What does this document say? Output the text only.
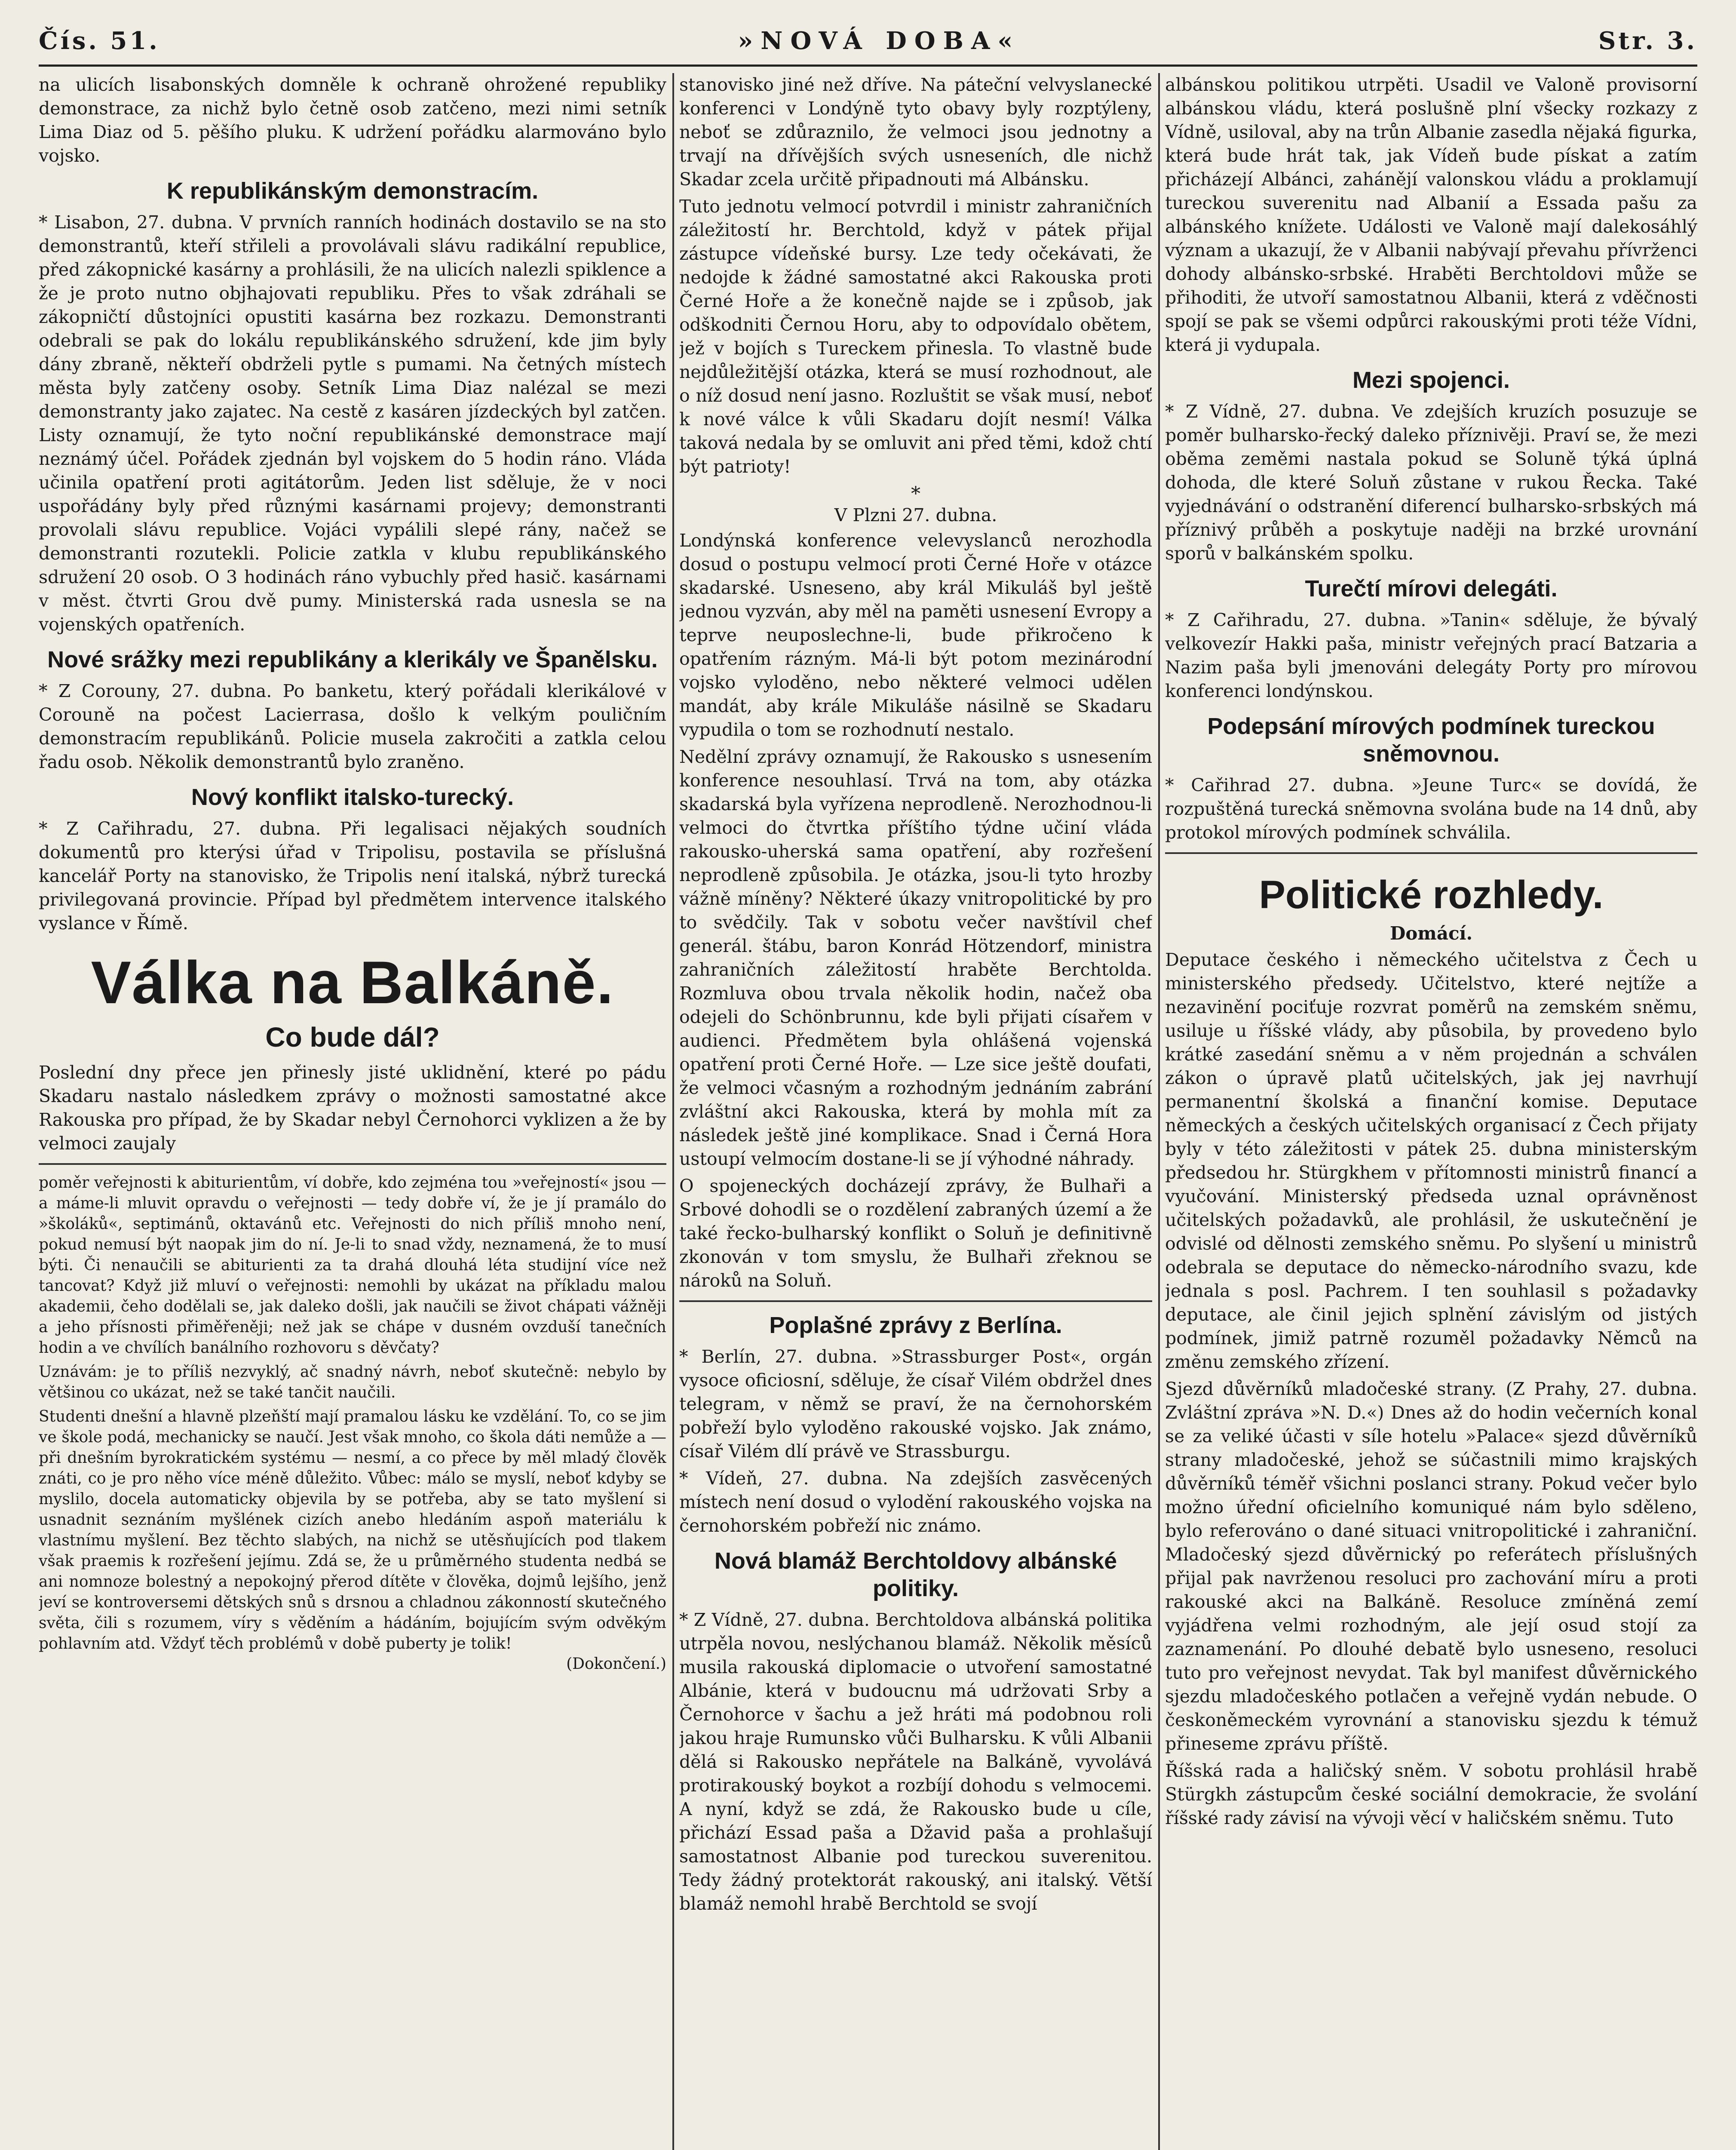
Čís. 51.	»NOVÁ DOBA«	Str. 3.

na ulicích lisabonských domněle k ochraně ohrožené republiky demonstrace, za nichž bylo četně osob zatčeno, mezi nimi setník Lima Diaz od 5. pěšího pluku. K udržení pořádku alarmováno bylo vojsko.

K republikánským demonstracím.

* Lisabon, 27. dubna. V prvních ranních hodinách dostavilo se na sto demonstrantů, kteří střileli a provolávali slávu radikální republice, před zákopnické kasárny a prohlásili, že na ulicích nalezli spiklence a že je proto nutno objhajovati republiku. Přes to však zdráhali se zákopničtí důstojníci opustiti kasárna bez rozkazu. Demonstranti odebrali se pak do lokálu republikánského sdružení, kde jim byly dány zbraně, někteří obdrželi pytle s pumami. Na četných místech města byly zatčeny osoby. Setník Lima Diaz nalézal se mezi demonstranty jako zajatec. Na cestě z kasáren jízdeckých byl zatčen. Listy oznamují, že tyto noční republikánské demonstrace mají neznámý účel. Pořádek zjednán byl vojskem do 5 hodin ráno. Vláda učinila opatření proti agitátorům. Jeden list sděluje, že v noci uspořádány byly před různými kasárnami projevy; demonstranti provolali slávu republice. Vojáci vypálili slepé rány, načež se demonstranti rozutekli. Policie zatkla v klubu republikánského sdružení 20 osob. O 3 hodinách ráno vybuchly před hasič. kasárnami v měst. čtvrti Grou dvě pumy. Ministerská rada usnesla se na vojenských opatřeních.

Nové srážky mezi republikány a klerikály ve Španělsku.

* Z Corouny, 27. dubna. Po banketu, který pořádali klerikálové v Corouně na počest Lacierrasa, došlo k velkým pouličním demonstracím republikánů. Policie musela zakročiti a zatkla celou řadu osob. Několik demonstrantů bylo zraněno.

Nový konflikt italsko-turecký.

* Z Cařihradu, 27. dubna. Při legalisaci nějakých soudních dokumentů pro kterýsi úřad v Tripolisu, postavila se příslušná kancelář Porty na stanovisko, že Tripolis není italská, nýbrž turecká privilegovaná provincie. Případ byl předmětem intervence italského vyslance v Římě.

Válka na Balkáně.
Co bude dál?

Poslední dny přece jen přinesly jisté uklidnění, které po pádu Skadaru nastalo následkem zprávy o možnosti samostatné akce Rakouska pro případ, že by Skadar nebyl Černohorci vyklizen a že by velmoci zaujaly

poměr veřejnosti k abiturientům, ví dobře, kdo zejména tou »veřejností« jsou — a máme-li mluvit opravdu o veřejnosti — tedy dobře ví, že je jí pramálo do »školáků«, septimánů, oktavánů etc. Veřejnosti do nich příliš mnoho není, pokud nemusí být naopak jim do ní. Je-li to snad vždy, neznamená, že to musí býti. Či nenaučili se abiturienti za ta drahá dlouhá léta studijní více než tancovat? Když již mluví o veřejnosti: nemohli by ukázat na příkladu malou akademii, čeho dodělali se, jak daleko došli, jak naučili se život chápati vážněji a jeho přísnosti přiměřeněji; než jak se chápe v dusném ovzduší tanečních hodin a ve chvílích banálního rozhovoru s děvčaty?

Uznávám: je to příliš nezvyklý, ač snadný návrh, neboť skutečně: nebylo by většinou co ukázat, než se také tančit naučili.

Studenti dnešní a hlavně plzeňští mají pramalou lásku ke vzdělání. To, co se jim ve škole podá, mechanicky se naučí. Jest však mnoho, co škola dáti nemůže a — při dnešním byrokratickém systému — nesmí, a co přece by měl mladý člověk znáti, co je pro něho více méně důležito. Vůbec: málo se myslí, neboť kdyby se myslilo, docela automaticky objevila by se potřeba, aby se tato myšlení si usnadnit seznáním myšlének cizích anebo hledáním aspoň materiálu k vlastnímu myšlení. Bez těchto slabých, na nichž se utěsňujících pod tlakem však praemis k rozřešení jejímu. Zdá se, že u průměrného studenta nedbá se ani nomnoze bolestný a nepokojný přerod dítěte v člověka, dojmů lejšího, jenž jeví se kontroversemi dětských snů s drsnou a chladnou zákonností skutečného světa, čili s rozumem, víry s věděním a hádáním, bojujícím svým odvěkým pohlavním atd. Vždyť těch problémů v době puberty je tolik!

(Dokončení.)

stanovisko jiné než dříve. Na páteční velvyslanecké konferenci v Londýně tyto obavy byly rozptýleny, neboť se zdůraznilo, že velmoci jsou jednotny a trvají na dřívějších svých usneseních, dle nichž Skadar zcela určitě připadnouti má Albánsku.

Tuto jednotu velmocí potvrdil i ministr zahraničních záležitostí hr. Berchtold, když v pátek přijal zástupce vídeňské bursy. Lze tedy očekávati, že nedojde k žádné samostatné akci Rakouska proti Černé Hoře a že konečně najde se i způsob, jak odškodniti Černou Horu, aby to odpovídalo obětem, jež v bojích s Tureckem přinesla. To vlastně bude nejdůležitější otázka, která se musí rozhodnout, ale o níž dosud není jasno. Rozluštit se však musí, neboť k nové válce k vůli Skadaru dojít nesmí! Válka taková nedala by se omluvit ani před těmi, kdož chtí být patrioty!

*
V Plzni 27. dubna.

Londýnská konference velevyslanců nerozhodla dosud o postupu velmocí proti Černé Hoře v otázce skadarské. Usneseno, aby král Mikuláš byl ještě jednou vyzván, aby měl na paměti usnesení Evropy a teprve neuposlechne-li, bude přikročeno k opatřením rázným. Má-li být potom mezinárodní vojsko vyloděno, nebo některé velmoci udělen mandát, aby krále Mikuláše násilně se Skadaru vypudila o tom se rozhodnutí nestalo.

Nedělní zprávy oznamují, že Rakousko s usnesením konference nesouhlasí. Trvá na tom, aby otázka skadarská byla vyřízena neprodleně. Nerozhodnou-li velmoci do čtvrtka příštího týdne učiní vláda rakousko-uherská sama opatření, aby rozřešení neprodleně způsobila. Je otázka, jsou-li tyto hrozby vážně míněny? Některé úkazy vnitropolitické by pro to svědčily. Tak v sobotu večer navštívil chef generál. štábu, baron Konrád Hötzendorf, ministra zahraničních záležitostí hraběte Berchtolda. Rozmluva obou trvala několik hodin, načež oba odejeli do Schönbrunnu, kde byli přijati císařem v audienci. Předmětem byla ohlášená vojenská opatření proti Černé Hoře. — Lze sice ještě doufati, že velmoci včasným a rozhodným jednáním zabrání zvláštní akci Rakouska, která by mohla mít za následek ještě jiné komplikace. Snad i Černá Hora ustoupí velmocím dostane-li se jí výhodné náhrady.

O spojeneckých docházejí zprávy, že Bulhaři a Srbové dohodli se o rozdělení zabraných území a že také řecko-bulharský konflikt o Soluň je definitivně zkonován v tom smyslu, že Bulhaři zřeknou se nároků na Soluň.

Poplašné zprávy z Berlína.

* Berlín, 27. dubna. »Strassburger Post«, orgán vysoce oficiosní, sděluje, že císař Vilém obdržel dnes telegram, v němž se praví, že na černohorském pobřeží bylo vyloděno rakouské vojsko. Jak známo, císař Vilém dlí právě ve Strassburgu.

* Vídeň, 27. dubna. Na zdejších zasvěcených místech není dosud o vylodění rakouského vojska na černohorském pobřeží nic známo.

Nová blamáž Berchtoldovy albánské politiky.

* Z Vídně, 27. dubna. Berchtoldova albánská politika utrpěla novou, neslýchanou blamáž. Několik měsíců musila rakouská diplomacie o utvoření samostatné Albánie, která v budoucnu má udržovati Srby a Černohorce v šachu a jež hráti má podobnou roli jakou hraje Rumunsko vůči Bulharsku. K vůli Albanii dělá si Rakousko nepřátele na Balkáně, vyvolává protirakouský boykot a rozbíjí dohodu s velmocemi. A nyní, když se zdá, že Rakousko bude u cíle, přichází Essad paša a Džavid paša a prohlašují samostatnost Albanie pod tureckou suverenitou. Tedy žádný protektorát rakouský, ani italský. Větší blamáž nemohl hrabě Berchtold se svojí

albánskou politikou utrpěti. Usadil ve Valoně provisorní albánskou vládu, která poslušně plní všecky rozkazy z Vídně, usiloval, aby na trůn Albanie zasedla nějaká figurka, která bude hrát tak, jak Vídeň bude pískat a zatím přicházejí Albánci, zahánějí valonskou vládu a proklamují tureckou suverenitu nad Albanií a Essada pašu za albánského knížete. Události ve Valoně mají dalekosáhlý význam a ukazují, že v Albanii nabývají převahu přívrženci dohody albánsko-srbské. Hraběti Berchtoldovi může se přihoditi, že utvoří samostatnou Albanii, která z vděčnosti spojí se pak se všemi odpůrci rakouskými proti téže Vídni, která ji vydupala.

Mezi spojenci.

* Z Vídně, 27. dubna. Ve zdejších kruzích posuzuje se poměr bulharsko-řecký daleko příznivěji. Praví se, že mezi oběma zeměmi nastala pokud se Soluně týká úplná dohoda, dle které Soluň zůstane v rukou Řecka. Také vyjednávání o odstranění diferencí bulharsko-srbských má příznivý průběh a poskytuje naději na brzké urovnání sporů v balkánském spolku.

Turečtí mírovi delegáti.

* Z Cařihradu, 27. dubna. »Tanin« sděluje, že bývalý velkovezír Hakki paša, ministr veřejných prací Batzaria a Nazim paša byli jmenováni delegáty Porty pro mírovou konferenci londýnskou.

Podepsání mírových podmínek tureckou sněmovnou.

* Cařihrad 27. dubna. »Jeune Turc« se dovídá, že rozpuštěná turecká sněmovna svolána bude na 14 dnů, aby protokol mírových podmínek schválila.

Politické rozhledy.
Domácí.

Deputace českého i německého učitelstva z Čech u ministerského předsedy. Učitelstvo, které nejtíže a nezavinění pociťuje rozvrat poměrů na zemském sněmu, usiluje u říšské vlády, aby působila, by provedeno bylo krátké zasedání sněmu a v něm projednán a schválen zákon o úpravě platů učitelských, jak jej navrhují permanentní školská a finanční komise. Deputace německých a českých učitelských organisací z Čech přijaty byly v této záležitosti v pátek 25. dubna ministerským předsedou hr. Stürgkhem v přítomnosti ministrů financí a vyučování. Ministerský předseda uznal oprávněnost učitelských požadavků, ale prohlásil, že uskutečnění je odvislé od dělnosti zemského sněmu. Po slyšení u ministrů odebrala se deputace do německo-národního svazu, kde jednala s posl. Pachrem. I ten souhlasil s požadavky deputace, ale činil jejich splnění závislým od jistých podmínek, jimiž patrně rozuměl požadavky Němců na změnu zemského zřízení.

Sjezd důvěrníků mladočeské strany. (Z Prahy, 27. dubna. Zvláštní zpráva »N. D.«) Dnes až do hodin večerních konal se za veliké účasti v síle hotelu »Palace« sjezd důvěrníků strany mladočeské, jehož se súčastnili mimo krajských důvěrníků téměř všichni poslanci strany. Pokud večer bylo možno úřední oficielního komuniqué nám bylo sděleno, bylo referováno o dané situaci vnitropolitické i zahraniční. Mladočeský sjezd důvěrnický po referátech příslušných přijal pak navrženou resoluci pro zachování míru a proti rakouské akci na Balkáně. Resoluce zmíněná zemí vyjádřena velmi rozhodným, ale její osud stojí za zaznamenání. Po dlouhé debatě bylo usneseno, resoluci tuto pro veřejnost nevydat. Tak byl manifest důvěrnického sjezdu mladočeského potlačen a veřejně vydán nebude. O českoněmeckém vyrovnání a stanovisku sjezdu k témuž přineseme zprávu příště.

Říšská rada a haličský sněm. V sobotu prohlásil hrabě Stürgkh zástupcům české sociální demokracie, že svolání říšské rady závisí na vývoji věcí v haličském sněmu. Tuto
